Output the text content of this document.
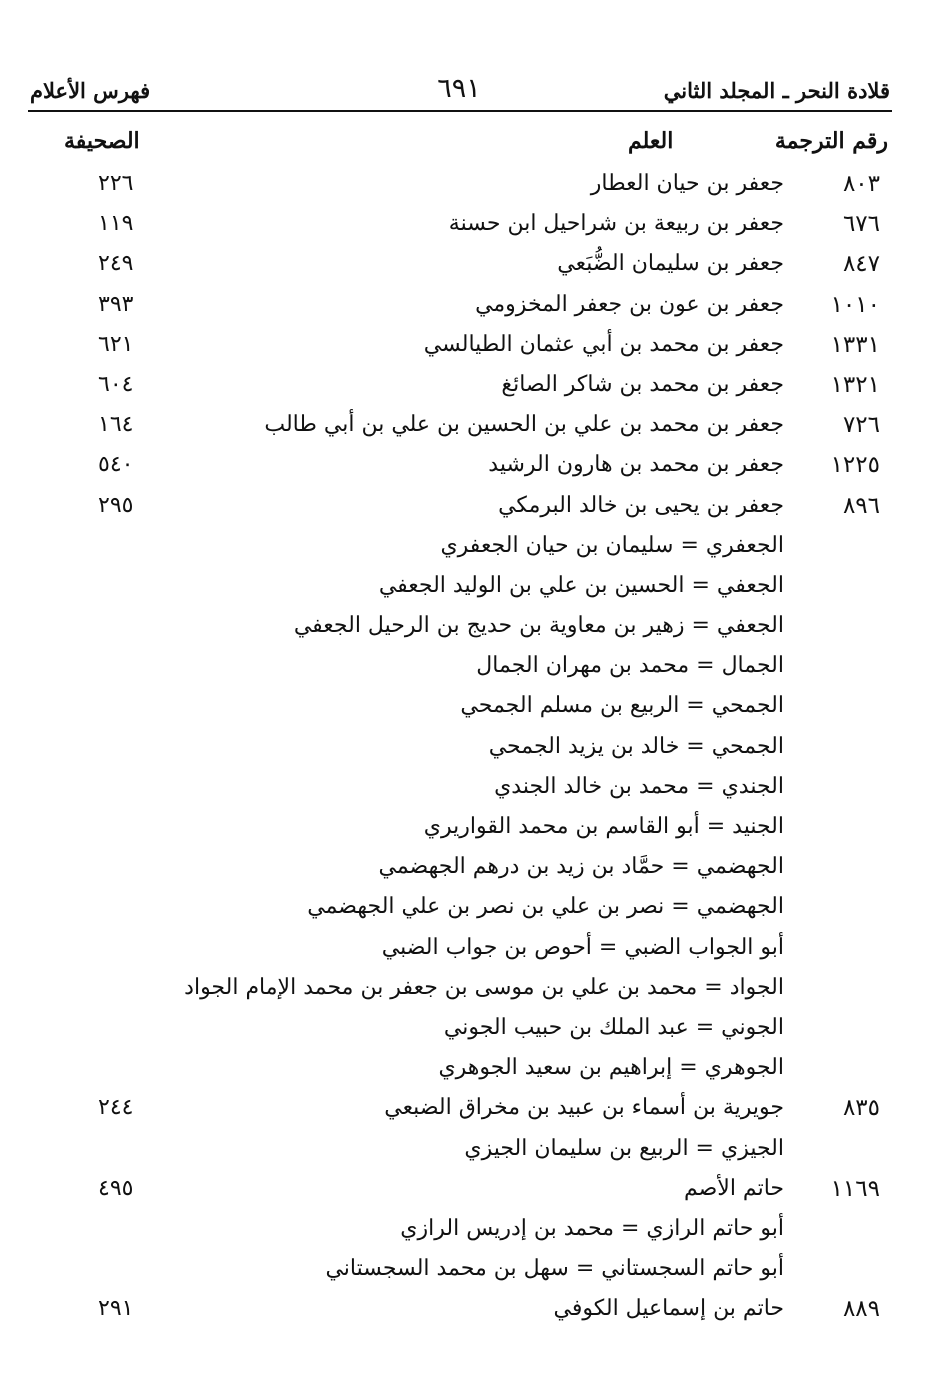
قلادة النحر ـ المجلد الثاني
٦٩١
فهرس الأعلام
رقم الترجمة
العلم
الصحيفة
٨٠٣
جعفر بن حيان العطار
٢٢٦
٦٧٦
جعفر بن ربيعة بن شراحيل ابن حسنة
١١٩
٨٤٧
جعفر بن سليمان الضُّبَعي
٢٤٩
١٠١٠
جعفر بن عون بن جعفر المخزومي
٣٩٣
١٣٣١
جعفر بن محمد بن أبي عثمان الطيالسي
٦٢١
١٣٢١
جعفر بن محمد بن شاكر الصائغ
٦٠٤
٧٢٦
جعفر بن محمد بن علي بن الحسين بن علي بن أبي طالب
١٦٤
١٢٢٥
جعفر بن محمد بن هارون الرشيد
٥٤٠
٨٩٦
جعفر بن يحيى بن خالد البرمكي
٢٩٥
الجعفري = سليمان بن حيان الجعفري
الجعفي = الحسين بن علي بن الوليد الجعفي
الجعفي = زهير بن معاوية بن حديج بن الرحيل الجعفي
الجمال = محمد بن مهران الجمال
الجمحي = الربيع بن مسلم الجمحي
الجمحي = خالد بن يزيد الجمحي
الجندي = محمد بن خالد الجندي
الجنيد = أبو القاسم بن محمد القواريري
الجهضمي = حمَّاد بن زيد بن درهم الجهضمي
الجهضمي = نصر بن علي بن نصر بن علي الجهضمي
أبو الجواب الضبي = أحوص بن جواب الضبي
الجواد = محمد بن علي بن موسى بن جعفر بن محمد الإمام الجواد
الجوني = عبد الملك بن حبيب الجوني
الجوهري = إبراهيم بن سعيد الجوهري
٨٣٥
جويرية بن أسماء بن عبيد بن مخراق الضبعي
٢٤٤
الجيزي = الربيع بن سليمان الجيزي
١١٦٩
حاتم الأصم
٤٩٥
أبو حاتم الرازي = محمد بن إدريس الرازي
أبو حاتم السجستاني = سهل بن محمد السجستاني
٨٨٩
حاتم بن إسماعيل الكوفي
٢٩١
